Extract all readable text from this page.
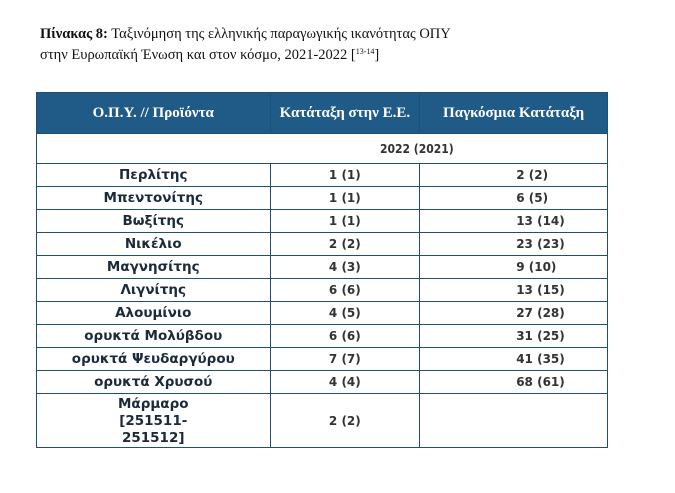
Πίνακας 8: Ταξινόμηση της ελληνικής παραγωγικής ικανότητας ΟΠΥ
στην Ευρωπαϊκή Ένωση και στον κόσμο, 2021-2022 [$^{13-14}$]
Ο.Π.Υ. // Προϊόντα	Κατάταξη στην Ε.Ε.	Παγκόσμια Κατάταξη
2022 (2021)		
Περλίτης	1 (1)	2 (2)
Μπεντονίτης	1 (1)	6 (5)
Βωξίτης	1 (1)	13 (14)
Νικέλιο	2 (2)	23 (23)
Μαγνησίτης	4 (3)	9 (10)
Λιγνίτης	6 (6)	13 (15)
Αλουμίνιο	4 (5)	27 (28)
ορυκτά Μολύβδου	6 (6)	31 (25)
ορυκτά Ψευδαργύρου	7 (7)	41 (35)
ορυκτά Χρυσού	4 (4)	68 (61)

Μάρμαρο
[251511-
251512]	2 (2)	
